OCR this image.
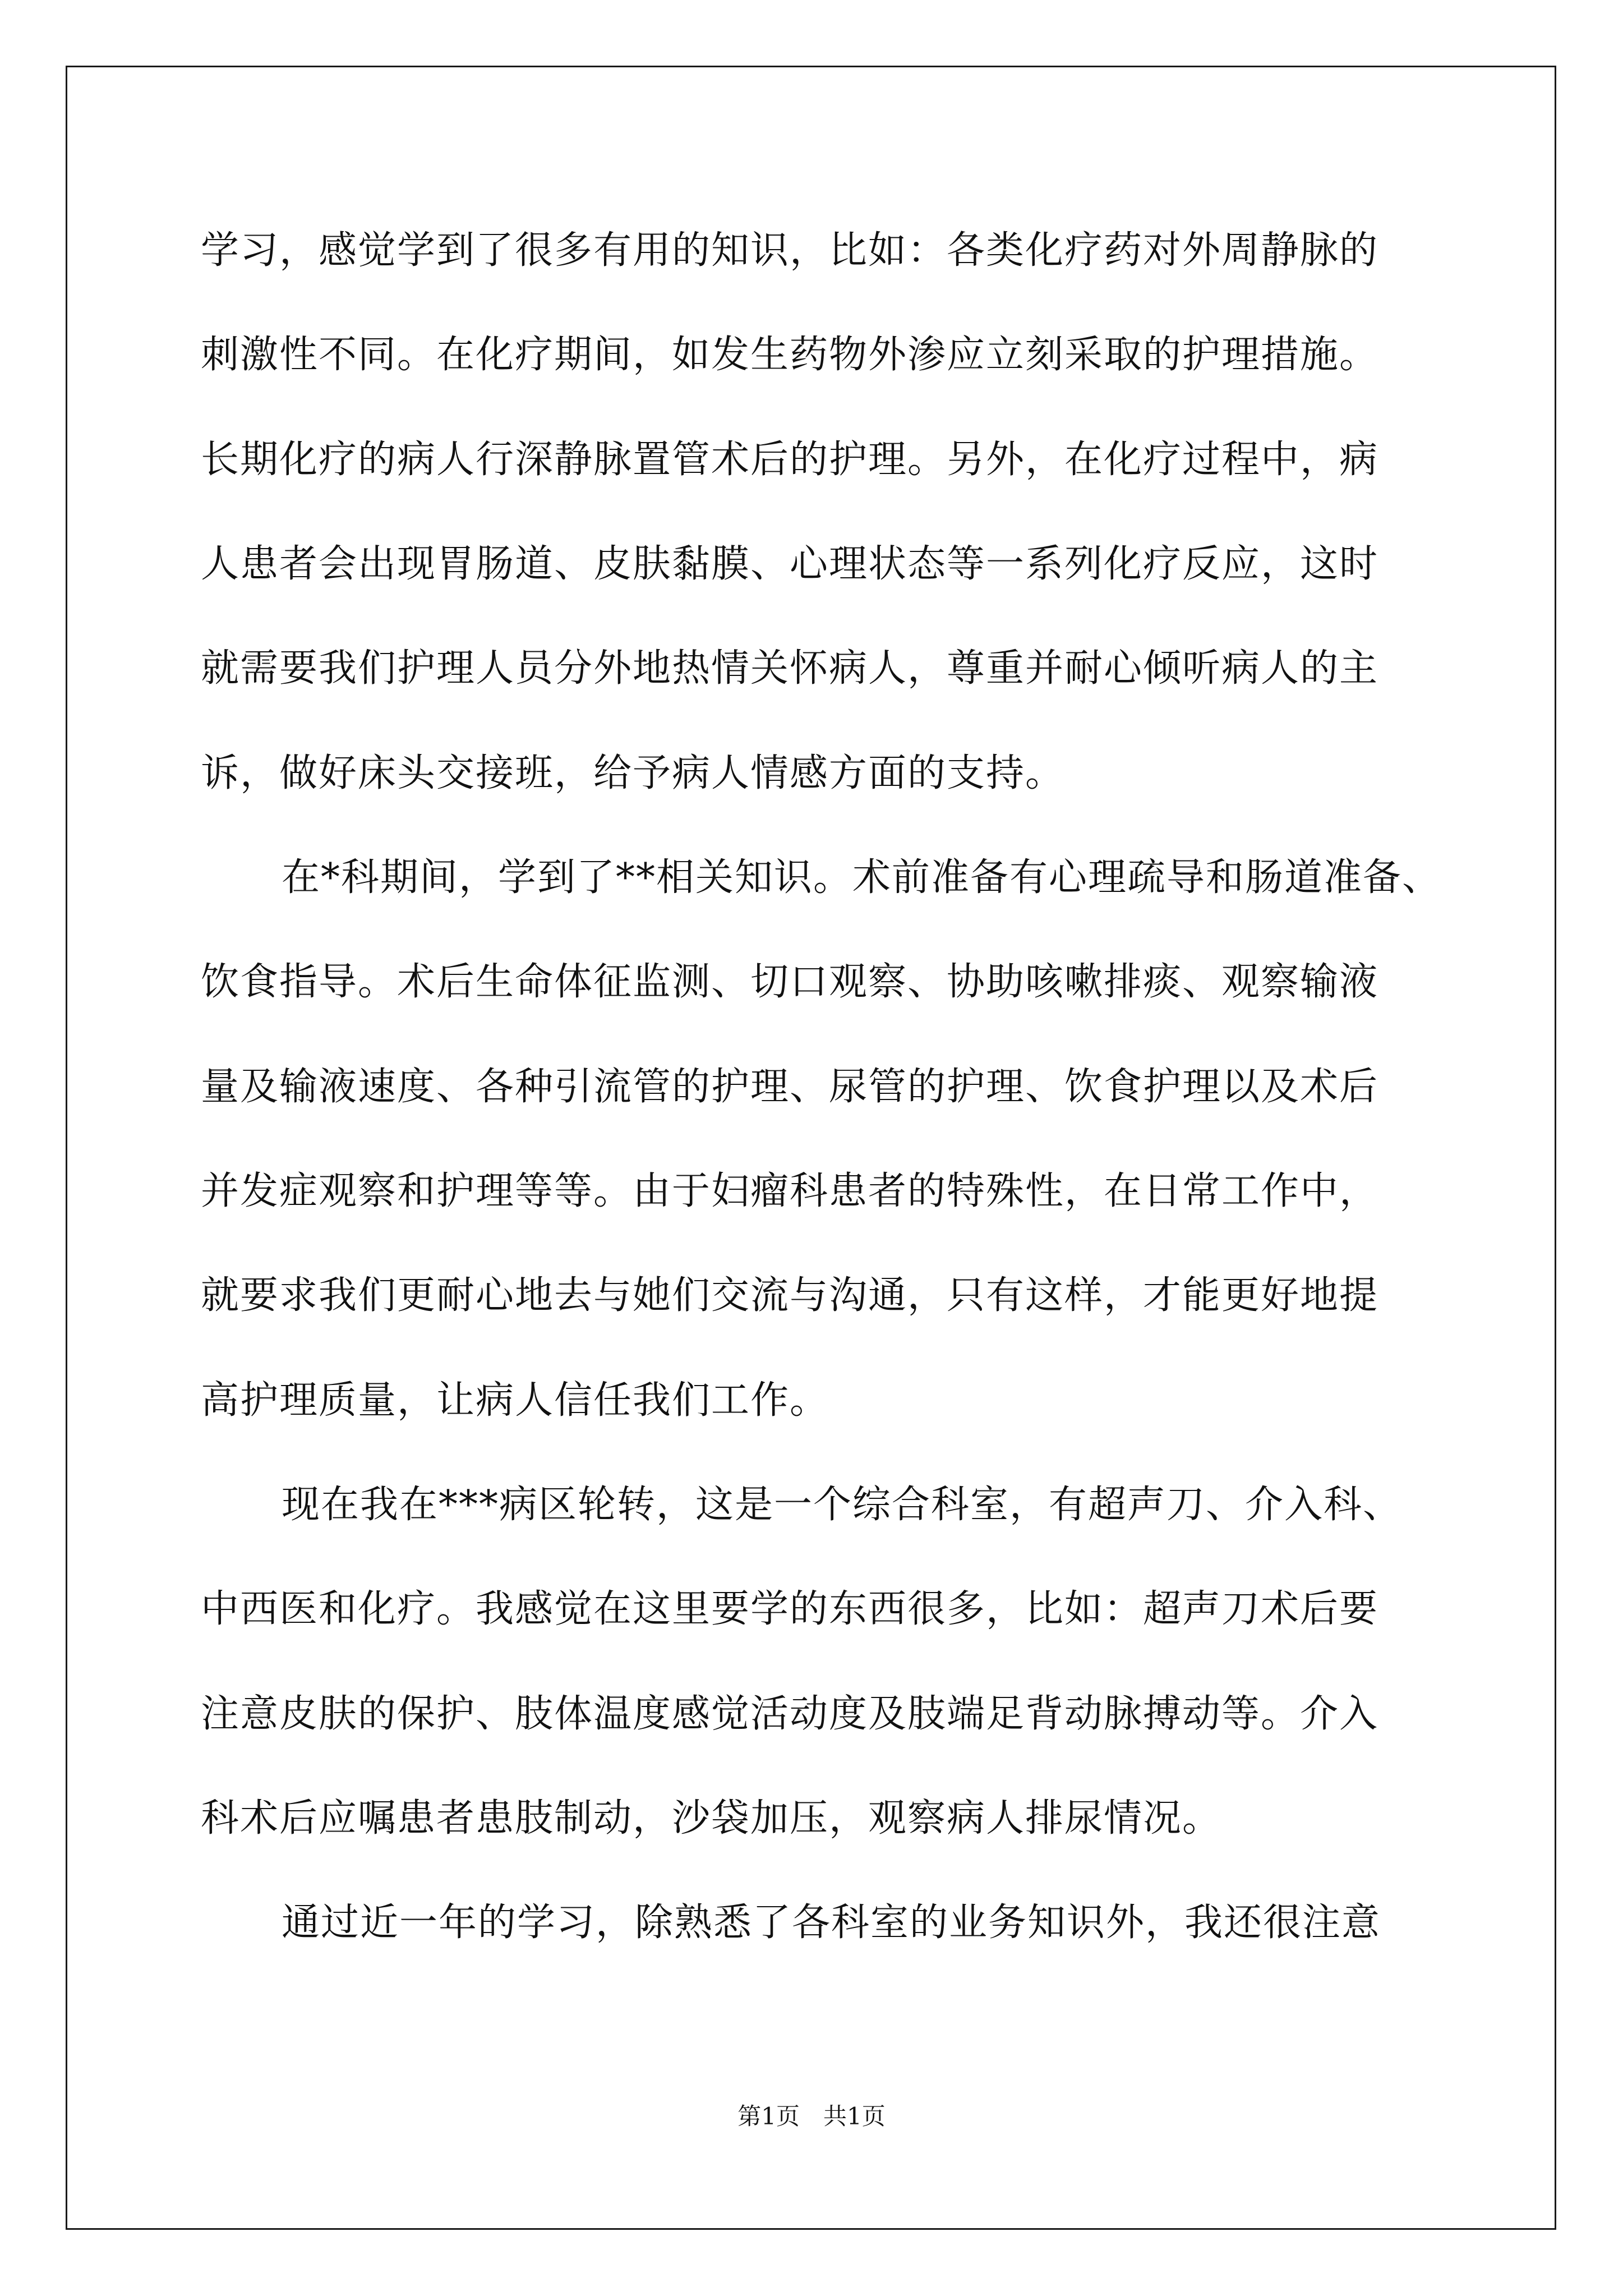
学习，感觉学到了很多有用的知识，比如：各类化疗药对外周静脉的
刺激性不同。在化疗期间，如发生药物外渗应立刻采取的护理措施。
长期化疗的病人行深静脉置管术后的护理。另外，在化疗过程中，病
人患者会出现胃肠道、皮肤黏膜、心理状态等一系列化疗反应，这时
就需要我们护理人员分外地热情关怀病人，尊重并耐心倾听病人的主
诉，做好床头交接班，给予病人情感方面的支持。
在*科期间，学到了**相关知识。术前准备有心理疏导和肠道准备、
饮食指导。术后生命体征监测、切口观察、协助咳嗽排痰、观察输液
量及输液速度、各种引流管的护理、尿管的护理、饮食护理以及术后
并发症观察和护理等等。由于妇瘤科患者的特殊性，在日常工作中，
就要求我们更耐心地去与她们交流与沟通，只有这样，才能更好地提
高护理质量，让病人信任我们工作。
现在我在***病区轮转，这是一个综合科室，有超声刀、介入科、
中西医和化疗。我感觉在这里要学的东西很多，比如：超声刀术后要
注意皮肤的保护、肢体温度感觉活动度及肢端足背动脉搏动等。介入
科术后应嘱患者患肢制动，沙袋加压，观察病人排尿情况。
通过近一年的学习，除熟悉了各科室的业务知识外，我还很注意
第1页　共1页
